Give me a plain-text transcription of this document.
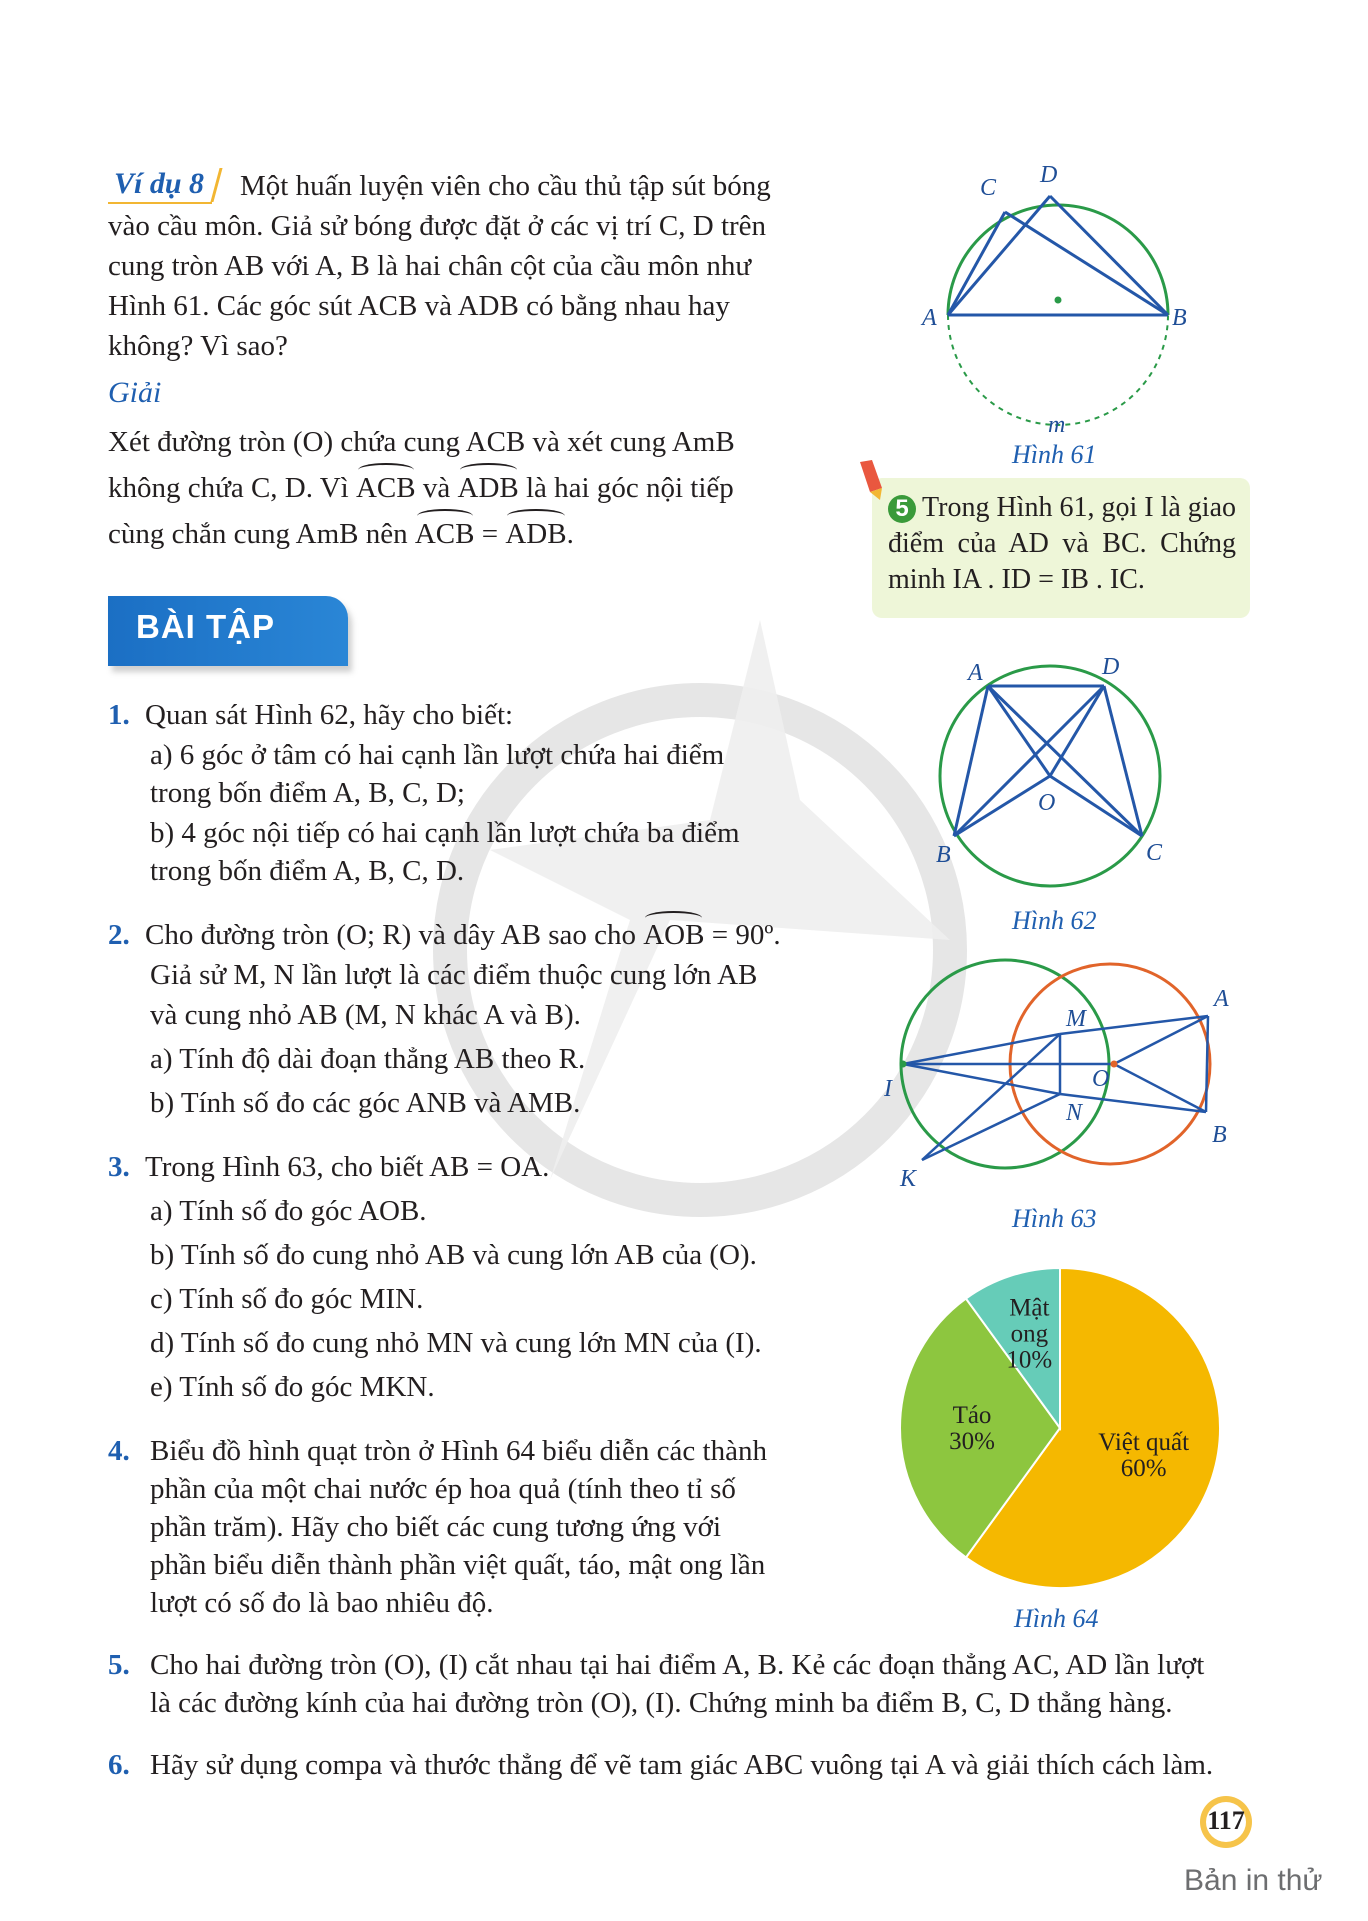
Ví dụ 8 Một huấn luyện viên cho cầu thủ tập sút bóng
vào cầu môn. Giả sử bóng được đặt ở các vị trí C, D trên
cung tròn AB với A, B là hai chân cột của cầu môn như
Hình 61. Các góc sút ACB và ADB có bằng nhau hay
không? Vì sao?
Giải
Xét đường tròn (O) chứa cung ACB và xét cung AmB
không chứa C, D. Vì ACB và ADB là hai góc nội tiếp
cùng chắn cung AmB nên ACB = ADB.
A	B
C D
m
Hình 61
5 Trong Hình 61, gọi I là giao điểm của AD và BC. Chứng minh IA . ID = IB . IC.
BÀI TẬP
1. Quan sát Hình 62, hãy cho biết:
a) 6 góc ở tâm có hai cạnh lần lượt chứa hai điểm
trong bốn điểm A, B, C, D;
b) 4 góc nội tiếp có hai cạnh lần lượt chứa ba điểm
trong bốn điểm A, B, C, D.
2. Cho đường tròn (O; R) và dây AB sao cho AOB = 90º.
Giả sử M, N lần lượt là các điểm thuộc cung lớn AB
và cung nhỏ AB (M, N khác A và B).
a) Tính độ dài đoạn thẳng AB theo R.
b) Tính số đo các góc ANB và AMB.
3. Trong Hình 63, cho biết AB = OA.
a) Tính số đo góc AOB.
b) Tính số đo cung nhỏ AB và cung lớn AB của (O).
c) Tính số đo góc MIN.
d) Tính số đo cung nhỏ MN và cung lớn MN của (I).
e) Tính số đo góc MKN.
4. Biểu đồ hình quạt tròn ở Hình 64 biểu diễn các thành
phần của một chai nước ép hoa quả (tính theo tỉ số
phần trăm). Hãy cho biết các cung tương ứng với
phần biểu diễn thành phần việt quất, táo, mật ong lần
lượt có số đo là bao nhiêu độ.
5. Cho hai đường tròn (O), (I) cắt nhau tại hai điểm A, B. Kẻ các đoạn thẳng AC, AD lần lượt
là các đường kính của hai đường tròn (O), (I). Chứng minh ba điểm B, C, D thẳng hàng.
6. Hãy sử dụng compa và thước thẳng để vẽ tam giác ABC vuông tại A và giải thích cách làm.
A	D
O
B	C
Hình 62
A
B
M
N
O
I
K
Hình 63
Việt quất
60%
Táo
30%
Mật
ong
10%
Hình 64
117
Bản in thử
